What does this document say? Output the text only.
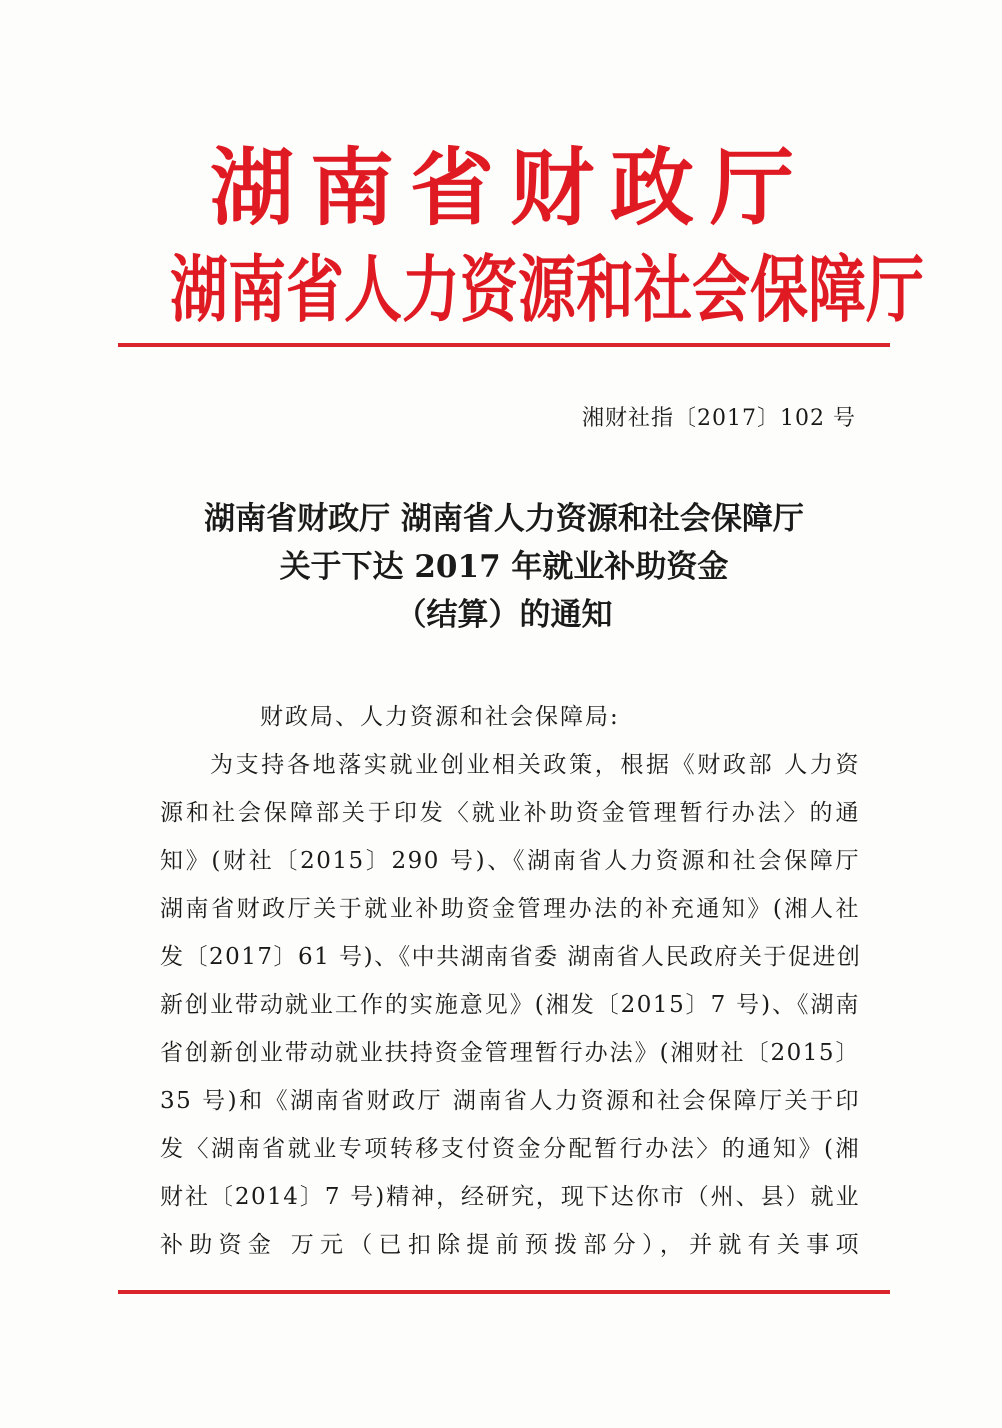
湖南省财政厅
湖南省人力资源和社会保障厅
湘财社指〔2017〕102 号
湖南省财政厅 湖南省人力资源和社会保障厅
关于下达 2017 年就业补助资金
（结算）的通知
财政局、人力资源和社会保障局:
为支持各地落实就业创业相关政策，根据《财政部 人力资
源和社会保障部关于印发〈就业补助资金管理暂行办法〉的通
知》(财社〔2015〕290 号)、《湖南省人力资源和社会保障厅
湖南省财政厅关于就业补助资金管理办法的补充通知》(湘人社
发〔2017〕61 号)、《中共湖南省委 湖南省人民政府关于促进创
新创业带动就业工作的实施意见》(湘发〔2015〕7 号)、《湖南
省创新创业带动就业扶持资金管理暂行办法》(湘财社〔2015〕
35 号)和《湖南省财政厅 湖南省人力资源和社会保障厅关于印
发〈湖南省就业专项转移支付资金分配暂行办法〉的通知》(湘
财社〔2014〕7 号)精神，经研究，现下达你市（州、县）就业
补助资金 万元（已扣除提前预拨部分），并就有关事项
